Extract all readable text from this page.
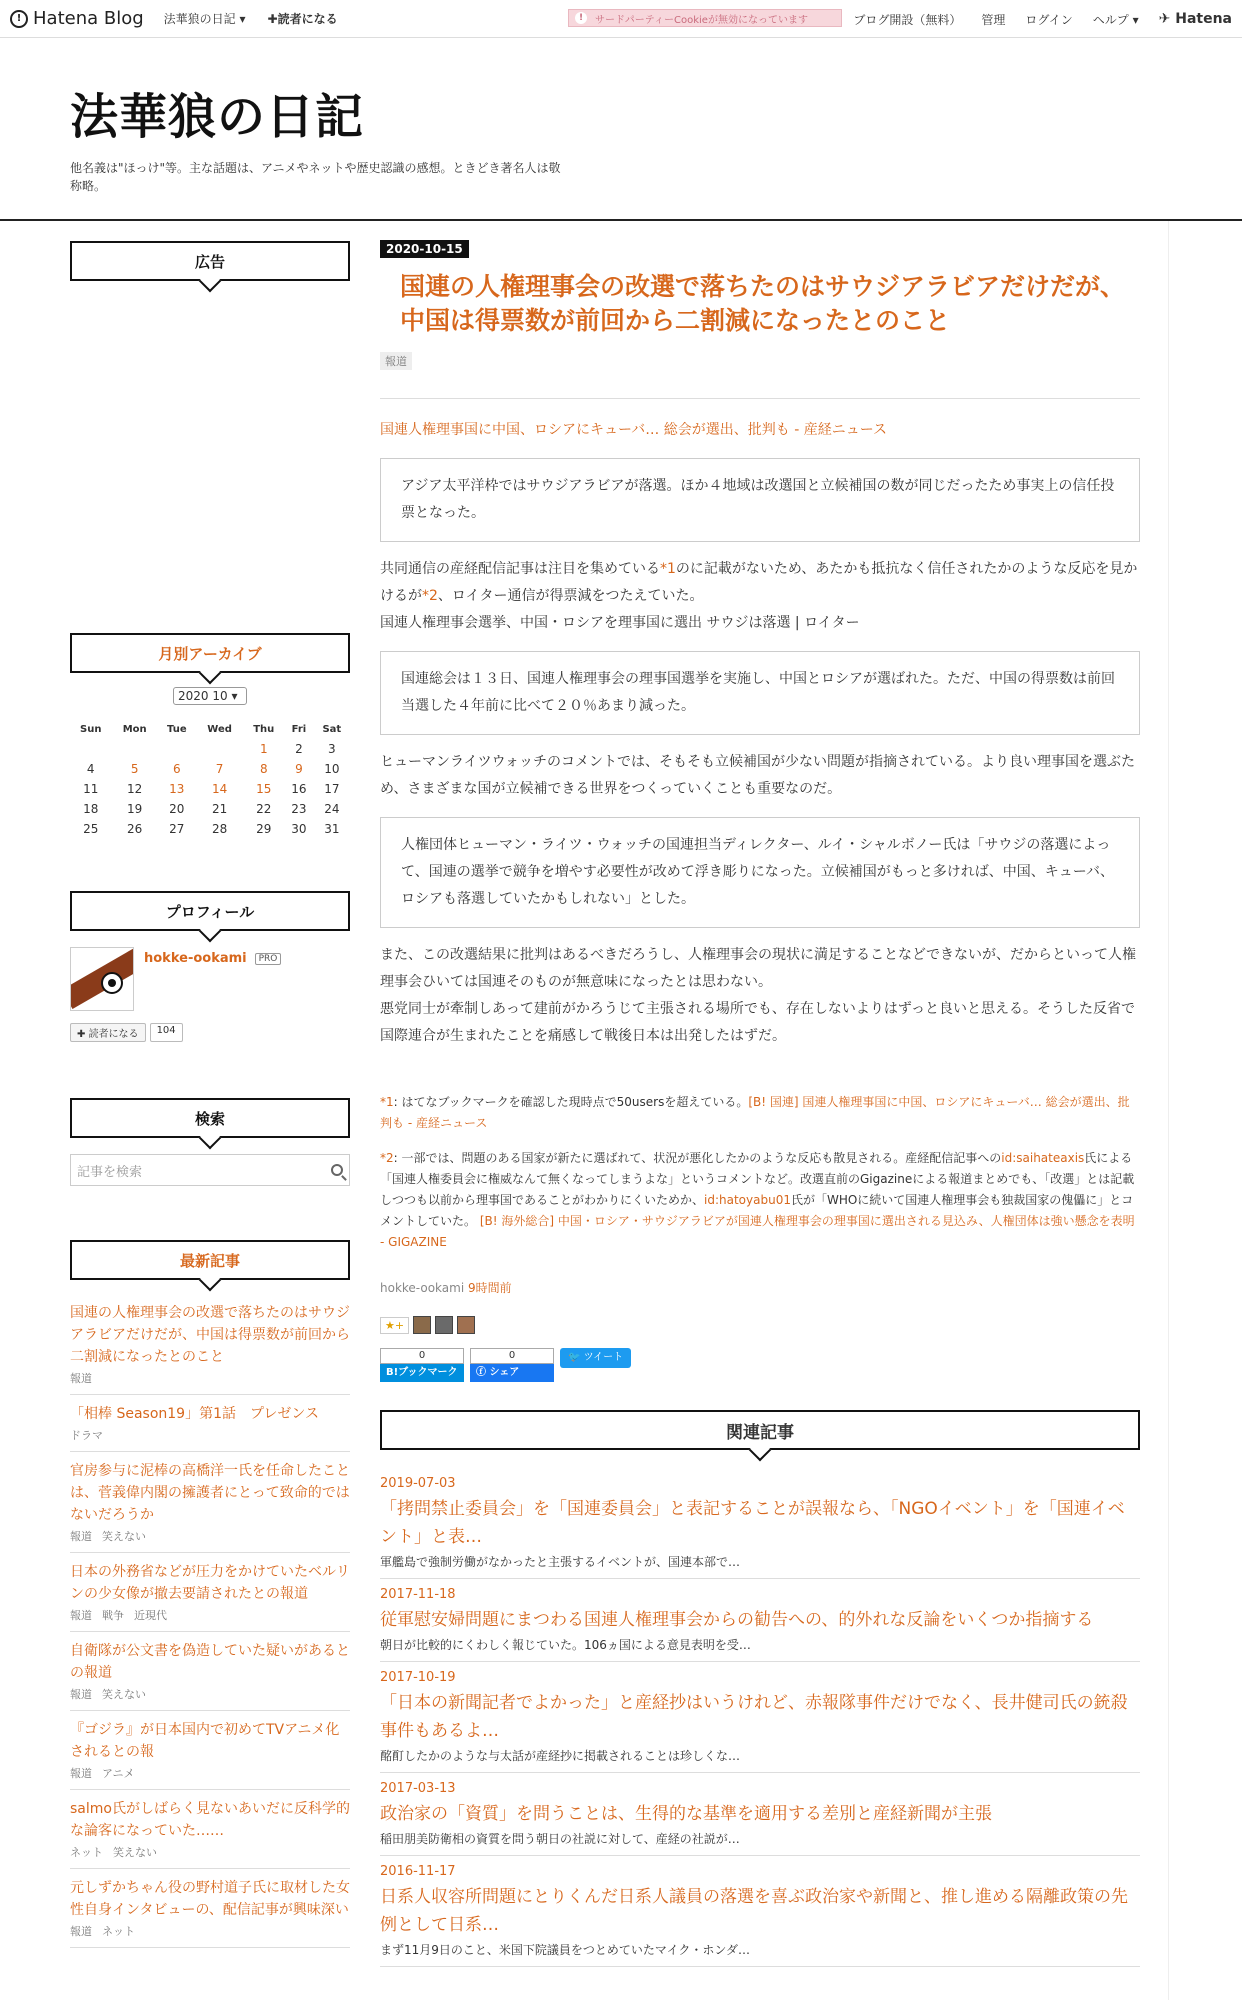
! Hatena Blog 法華狼の日記 ▾ ✚読者になる	!	サードパーティーCookieが無効になっています	ブログ開設（無料） 管理 ログイン ヘルプ ▾ ✈ Hatena
法華狼の日記
他名義は"ほっけ"等。主な話題は、アニメやネットや歴史認識の感想。ときどき著名人は敬称略。
広告
月別アーカイブ
2020 10 ▾
Sun	Mon	Tue	Wed	Thu	Fri	Sat
				1	2	3
4	5	6	7	8	9	10
11	12	13	14	15	16	17
18	19	20	21	22	23	24
25	26	27	28	29	30	31
プロフィール
hokke-ookami	PRO
✚ 読者になる	104
検索
記事を検索
最新記事
国連の人権理事会の改選で落ちたのはサウジアラビアだけだが、中国は得票数が前回から二割減になったとのこと
報道
「相棒 Season19」第1話　プレゼンス
ドラマ
官房参与に泥棒の高橋洋一氏を任命したことは、菅義偉内閣の擁護者にとって致命的ではないだろうか
報道 笑えない
日本の外務省などが圧力をかけていたベルリンの少女像が撤去要請されたとの報道
報道 戦争 近現代
自衛隊が公文書を偽造していた疑いがあるとの報道
報道 笑えない
『ゴジラ』が日本国内で初めてTVアニメ化されるとの報
報道 アニメ
salmo氏がしばらく見ないあいだに反科学的な論客になっていた……
ネット 笑えない
元しずかちゃん役の野村道子氏に取材した女性自身インタビューの、配信記事が興味深い
報道 ネット
2020-10-15
国連の人権理事会の改選で落ちたのはサウジアラビアだけだが、中国は得票数が前回から二割減になったとのこと
報道
国連人権理事国に中国、ロシアにキューバ… 総会が選出、批判も - 産経ニュース
アジア太平洋枠ではサウジアラビアが落選。ほか４地域は改選国と立候補国の数が同じだったため事実上の信任投票となった。
共同通信の産経配信記事は注目を集めている*1のに記載がないため、あたかも抵抗なく信任されたかのような反応を見かけるが*2、ロイター通信が得票減をつたえていた。
国連人権理事会選挙、中国・ロシアを理事国に選出 サウジは落選 | ロイター
国連総会は１３日、国連人権理事会の理事国選挙を実施し、中国とロシアが選ばれた。ただ、中国の得票数は前回当選した４年前に比べて２０％あまり減った。
ヒューマンライツウォッチのコメントでは、そもそも立候補国が少ない問題が指摘されている。より良い理事国を選ぶため、さまざまな国が立候補できる世界をつくっていくことも重要なのだ。
人権団体ヒューマン・ライツ・ウォッチの国連担当ディレクター、ルイ・シャルボノー氏は「サウジの落選によって、国連の選挙で競争を増やす必要性が改めて浮き彫りになった。立候補国がもっと多ければ、中国、キューバ、ロシアも落選していたかもしれない」とした。
また、この改選結果に批判はあるべきだろうし、人権理事会の現状に満足することなどできないが、だからといって人権理事会ひいては国連そのものが無意味になったとは思わない。
悪党同士が牽制しあって建前がかろうじて主張される場所でも、存在しないよりはずっと良いと思える。そうした反省で国際連合が生まれたことを痛感して戦後日本は出発したはずだ。
*1: はてなブックマークを確認した現時点で50usersを超えている。[B! 国連] 国連人権理事国に中国、ロシアにキューバ… 総会が選出、批判も - 産経ニュース
*2: 一部では、問題のある国家が新たに選ばれて、状況が悪化したかのような反応も散見される。産経配信記事へのid:saihateaxis氏による「国連人権委員会に権威なんて無くなってしまうよな」というコメントなど。改選直前のGigazineによる報道まとめでも、「改選」とは記載しつつも以前から理事国であることがわかりにくいためか、id:hatoyabu01氏が「WHOに続いて国連人権理事会も独裁国家の傀儡に」とコメントしていた。 [B! 海外総合] 中国・ロシア・サウジアラビアが国連人権理事会の理事国に選出される見込み、人権団体は強い懸念を表明 - GIGAZINE
hokke-ookami 9時間前
★+
0
B!ブックマーク
0
ⓕ シェア
🐦 ツイート
関連記事
2019-07-03
「拷問禁止委員会」を「国連委員会」と表記することが誤報なら、「NGOイベント」を「国連イベント」と表…
軍艦島で強制労働がなかったと主張するイベントが、国連本部で…
2017-11-18
従軍慰安婦問題にまつわる国連人権理事会からの勧告への、的外れな反論をいくつか指摘する
朝日が比較的にくわしく報じていた。106ヵ国による意見表明を受…
2017-10-19
「日本の新聞記者でよかった」と産経抄はいうけれど、赤報隊事件だけでなく、長井健司氏の銃殺事件もあるよ…
酩酊したかのような与太話が産経抄に掲載されることは珍しくな…
2017-03-13
政治家の「資質」を問うことは、生得的な基準を適用する差別と産経新聞が主張
稲田朋美防衛相の資質を問う朝日の社説に対して、産経の社説が…
2016-11-17
日系人収容所問題にとりくんだ日系人議員の落選を喜ぶ政治家や新聞と、推し進める隔離政策の先例として日系…
まず11月9日のこと、米国下院議員をつとめていたマイク・ホンダ…
